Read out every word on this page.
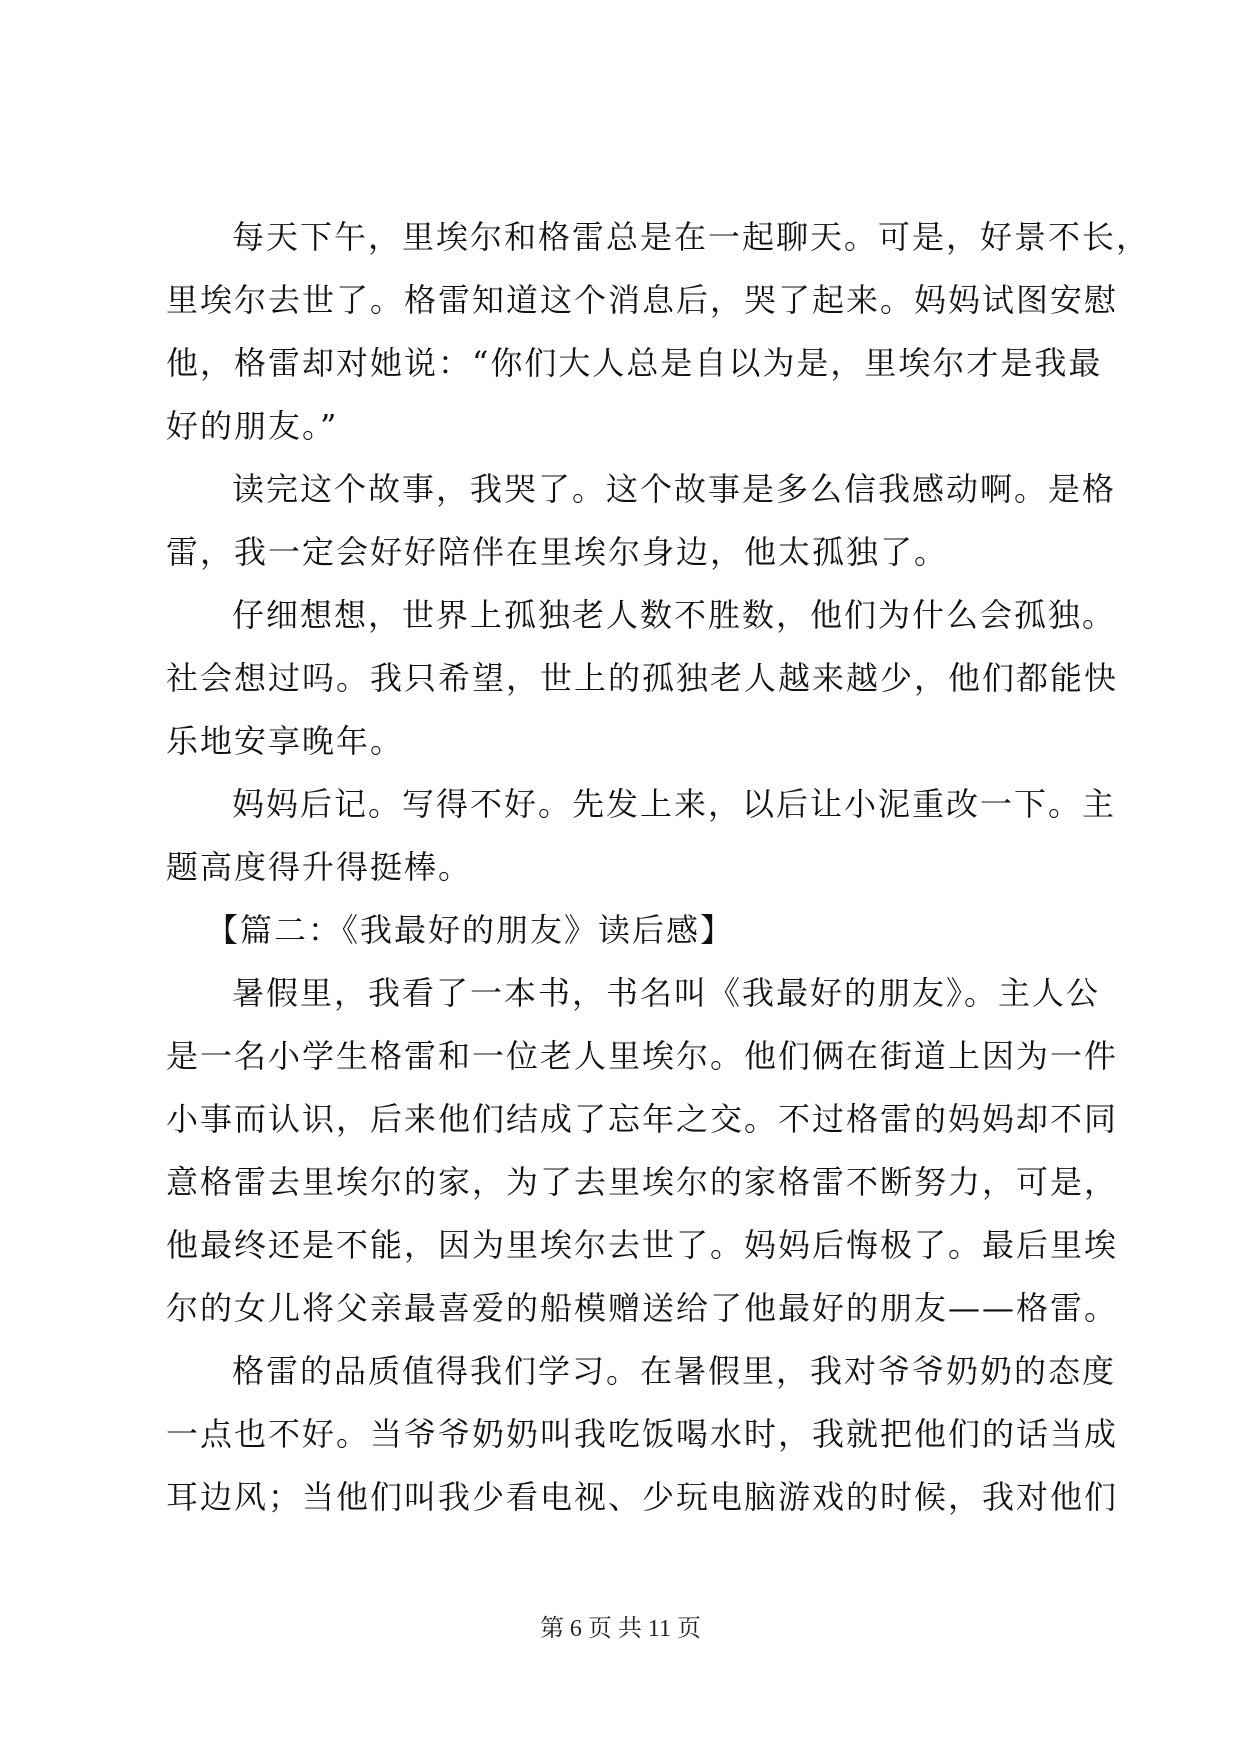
每天下午，里埃尔和格雷总是在一起聊天。可是，好景不长，
里埃尔去世了。格雷知道这个消息后，哭了起来。妈妈试图安慰
他，格雷却对她说：“你们大人总是自以为是，里埃尔才是我最
好的朋友。”
读完这个故事，我哭了。这个故事是多么信我感动啊。是格
雷，我一定会好好陪伴在里埃尔身边，他太孤独了。
仔细想想，世界上孤独老人数不胜数，他们为什么会孤独。
社会想过吗。我只希望，世上的孤独老人越来越少，他们都能快
乐地安享晚年。
妈妈后记。写得不好。先发上来，以后让小泥重改一下。主
题高度得升得挺棒。
【篇二：《我最好的朋友》读后感】
暑假里，我看了一本书，书名叫《我最好的朋友》。主人公
是一名小学生格雷和一位老人里埃尔。他们俩在街道上因为一件
小事而认识，后来他们结成了忘年之交。不过格雷的妈妈却不同
意格雷去里埃尔的家，为了去里埃尔的家格雷不断努力，可是，
他最终还是不能，因为里埃尔去世了。妈妈后悔极了。最后里埃
尔的女儿将父亲最喜爱的船模赠送给了他最好的朋友——格雷。
格雷的品质值得我们学习。在暑假里，我对爷爷奶奶的态度
一点也不好。当爷爷奶奶叫我吃饭喝水时，我就把他们的话当成
耳边风；当他们叫我少看电视、少玩电脑游戏的时候，我对他们
第 6 页 共 11 页
